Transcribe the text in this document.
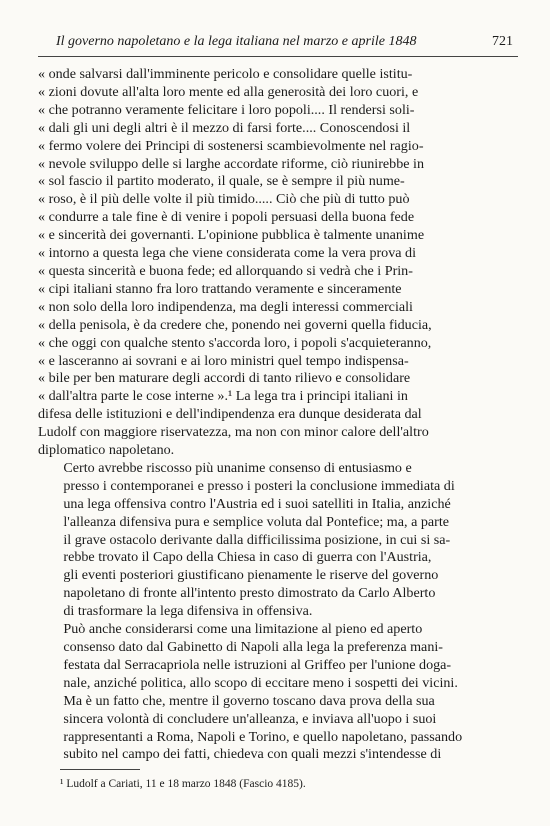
Il governo napoletano e la lega italiana nel marzo e aprile 1848	721

« onde salvarsi dall'imminente pericolo e consolidare quelle istitu-
« zioni dovute all'alta loro mente ed alla generosità dei loro cuori, e
« che potranno veramente felicitare i loro popoli.... Il rendersi soli-
« dali gli uni degli altri è il mezzo di farsi forte.... Conoscendosi il
« fermo volere dei Principi di sostenersi scambievolmente nel ragio-
« nevole sviluppo delle si larghe accordate riforme, ciò riunirebbe in
« sol fascio il partito moderato, il quale, se è sempre il più nume-
« roso, è il più delle volte il più timido..... Ciò che più di tutto può
« condurre a tale fine è di venire i popoli persuasi della buona fede
« e sincerità dei governanti. L'opinione pubblica è talmente unanime
« intorno a questa lega che viene considerata come la vera prova di
« questa sincerità e buona fede; ed allorquando si vedrà che i Prin-
« cipi italiani stanno fra loro trattando veramente e sinceramente
« non solo della loro indipendenza, ma degli interessi commerciali
« della penisola, è da credere che, ponendo nei governi quella fiducia,
« che oggi con qualche stento s'accorda loro, i popoli s'acquieteranno,
« e lasceranno ai sovrani e ai loro ministri quel tempo indispensa-
« bile per ben maturare degli accordi di tanto rilievo e consolidare
« dall'altra parte le cose interne ».¹ La lega tra i principi italiani in
difesa delle istituzioni e dell'indipendenza era dunque desiderata dal
Ludolf con maggiore riservatezza, ma non con minor calore dell'altro
diplomatico napoletano.

Certo avrebbe riscosso più unanime consenso di entusiasmo e
presso i contemporanei e presso i posteri la conclusione immediata di
una lega offensiva contro l'Austria ed i suoi satelliti in Italia, anziché
l'alleanza difensiva pura e semplice voluta dal Pontefice; ma, a parte
il grave ostacolo derivante dalla difficilissima posizione, in cui si sa-
rebbe trovato il Capo della Chiesa in caso di guerra con l'Austria,
gli eventi posteriori giustificano pienamente le riserve del governo
napoletano di fronte all'intento presto dimostrato da Carlo Alberto
di trasformare la lega difensiva in offensiva.

Può anche considerarsi come una limitazione al pieno ed aperto
consenso dato dal Gabinetto di Napoli alla lega la preferenza mani-
festata dal Serracapriola nelle istruzioni al Griffeo per l'unione doga-
nale, anziché politica, allo scopo di eccitare meno i sospetti dei vicini.
Ma è un fatto che, mentre il governo toscano dava prova della sua
sincera volontà di concludere un'alleanza, e inviava all'uopo i suoi
rappresentanti a Roma, Napoli e Torino, e quello napoletano, passando
subito nel campo dei fatti, chiedeva con quali mezzi s'intendesse di

¹ Ludolf a Cariati, 11 e 18 marzo 1848 (Fascio 4185).
